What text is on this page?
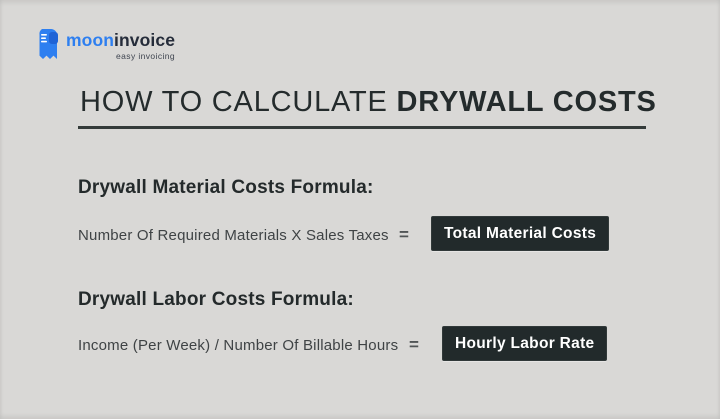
mooninvoice
easy invoicing
HOW TO CALCULATE DRYWALL COSTS
Drywall Material Costs Formula:

Number Of Required Materials X Sales Taxes = Total Material Costs
Drywall Labor Costs Formula:

Income (Per Week) / Number Of Billable Hours = Hourly Labor Rate
